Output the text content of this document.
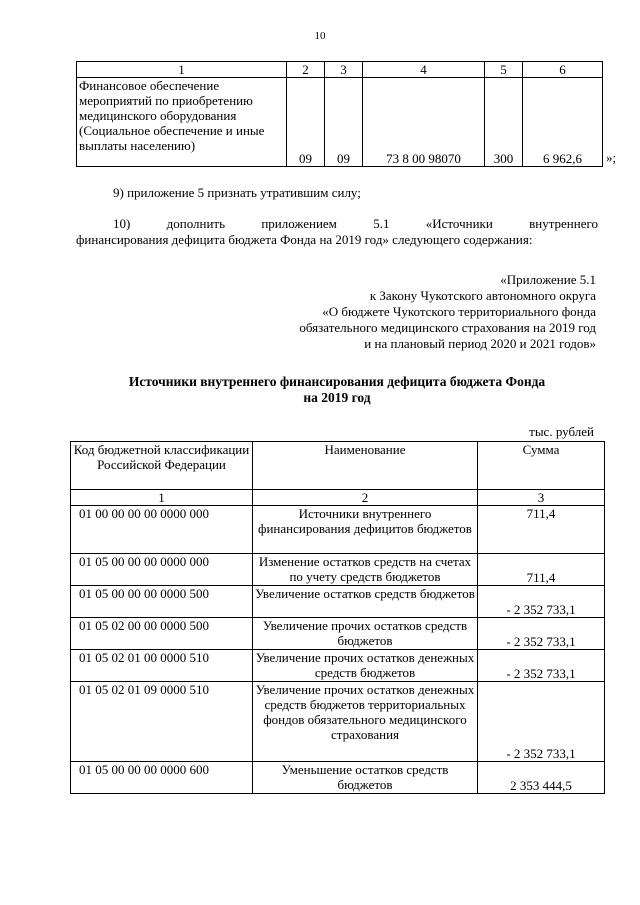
10
1	2	3	4	5	6
Финансовое обеспечение мероприятий по приобретению медицинского оборудования (Социальное обеспечение и иные выплаты населению)	09	09	73 8 00 98070	300	6 962,6 »;
9) приложение 5 признать утратившим силу;
10) дополнить приложением 5.1 «Источники внутреннего
финансирования дефицита бюджета Фонда на 2019 год» следующего содержания:
«Приложение 5.1
к Закону Чукотского автономного округа
«О бюджете Чукотского территориального фонда
обязательного медицинского страхования на 2019 год
и на плановый период 2020 и 2021 годов»
Источники внутреннего финансирования дефицита бюджета Фонда
на 2019 год
тыс. рублей
Код бюджетной классификации Российской Федерации	Наименование	Сумма
1	2	3
01 00 00 00 00 0000 000	Источники внутреннего финансирования дефицитов бюджетов	711,4
01 05 00 00 00 0000 000	Изменение остатков средств на счетах по учету средств бюджетов	711,4
01 05 00 00 00 0000 500	Увеличение остатков средств бюджетов	- 2 352 733,1
01 05 02 00 00 0000 500	Увеличение прочих остатков средств бюджетов	- 2 352 733,1
01 05 02 01 00 0000 510	Увеличение прочих остатков денежных средств бюджетов	- 2 352 733,1
01 05 02 01 09 0000 510	Увеличение прочих остатков денежных средств бюджетов территориальных фондов обязательного медицинского страхования	- 2 352 733,1
01 05 00 00 00 0000 600	Уменьшение остатков средств бюджетов	2 353 444,5
